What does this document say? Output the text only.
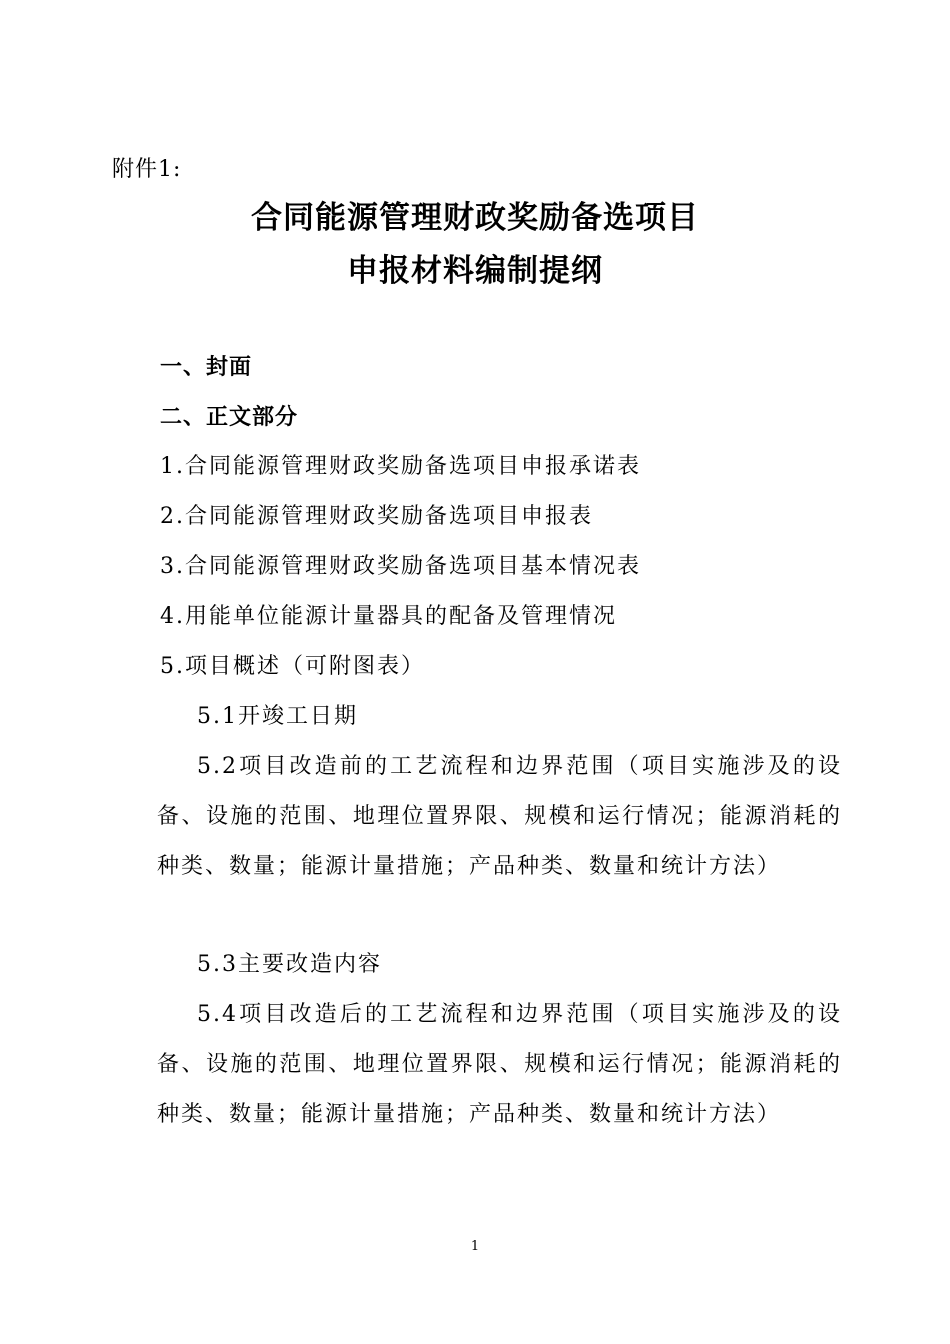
附件1:
合同能源管理财政奖励备选项目
申报材料编制提纲
一、封面
二、正文部分
1.合同能源管理财政奖励备选项目申报承诺表
2.合同能源管理财政奖励备选项目申报表
3.合同能源管理财政奖励备选项目基本情况表
4.用能单位能源计量器具的配备及管理情况
5.项目概述（可附图表）
5.1开竣工日期
5.2项目改造前的工艺流程和边界范围（项目实施涉及的设备、设施的范围、地理位置界限、规模和运行情况；能源消耗的种类、数量；能源计量措施；产品种类、数量和统计方法）
5.3主要改造内容
5.4项目改造后的工艺流程和边界范围（项目实施涉及的设备、设施的范围、地理位置界限、规模和运行情况；能源消耗的种类、数量；能源计量措施；产品种类、数量和统计方法）
1
